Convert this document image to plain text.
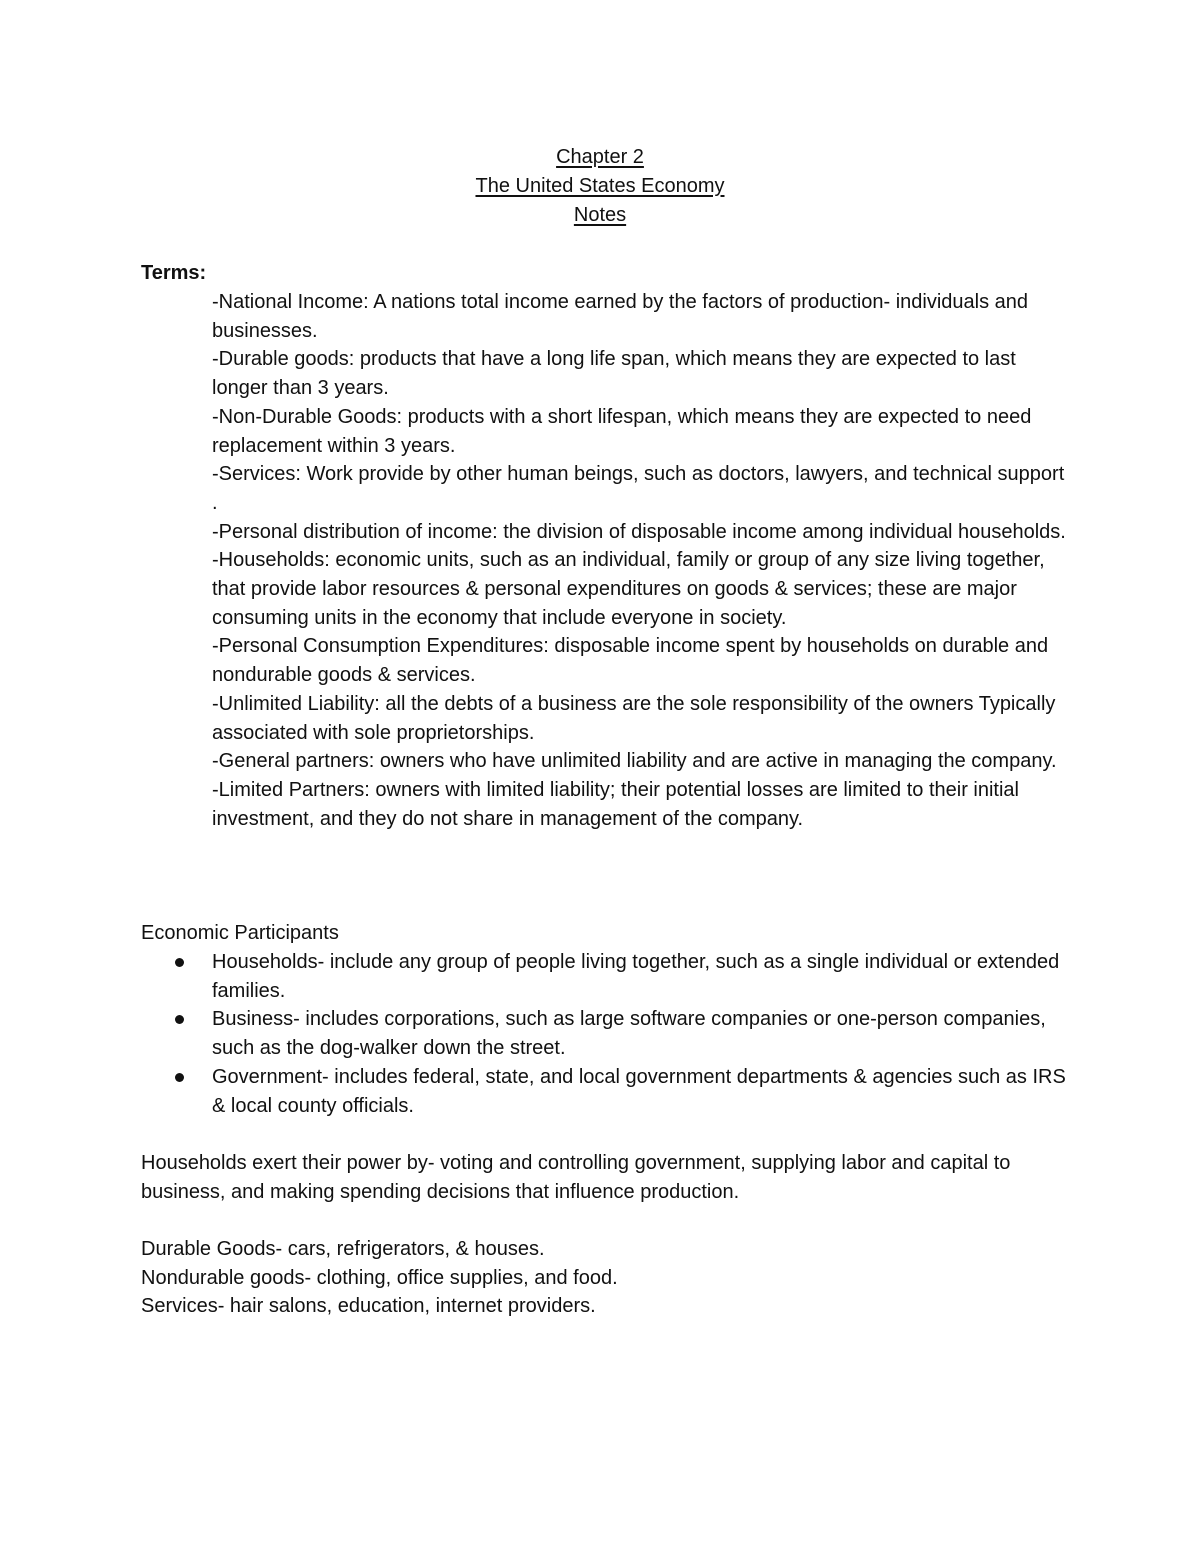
Chapter 2
The United States Economy
Notes
Terms:

-National Income: A nations total income earned by the factors of production- individuals and businesses.

-Durable goods: products that have a long life span, which means they are expected to last longer than 3 years.

-Non-Durable Goods: products with a short lifespan, which means they are expected to need replacement within 3 years.

-Services: Work provide by other human beings, such as doctors, lawyers, and technical support .

-Personal distribution of income: the division of disposable income among individual households.

-Households: economic units, such as an individual, family or group of any size living together, that provide labor resources & personal expenditures on goods & services; these are major consuming units in the economy that include everyone in society.

-Personal Consumption Expenditures: disposable income spent by households on durable and nondurable goods & services.

-Unlimited Liability: all the debts of a business are the sole responsibility of the owners Typically associated with sole proprietorships.

-General partners: owners who have unlimited liability and are active in managing the company.

-Limited Partners: owners with limited liability; their potential losses are limited to their initial investment, and they do not share in management of the company.

Economic Participants
Households- include any group of people living together, such as a single individual or extended families.
Business- includes corporations, such as large software companies or one-person companies, such as the dog-walker down the street.
Government- includes federal, state, and local government departments & agencies such as IRS & local county officials.
Households exert their power by- voting and controlling government, supplying labor and capital to business, and making spending decisions that influence production.
Durable Goods- cars, refrigerators, & houses.
Nondurable goods- clothing, office supplies, and food.
Services- hair salons, education, internet providers.
